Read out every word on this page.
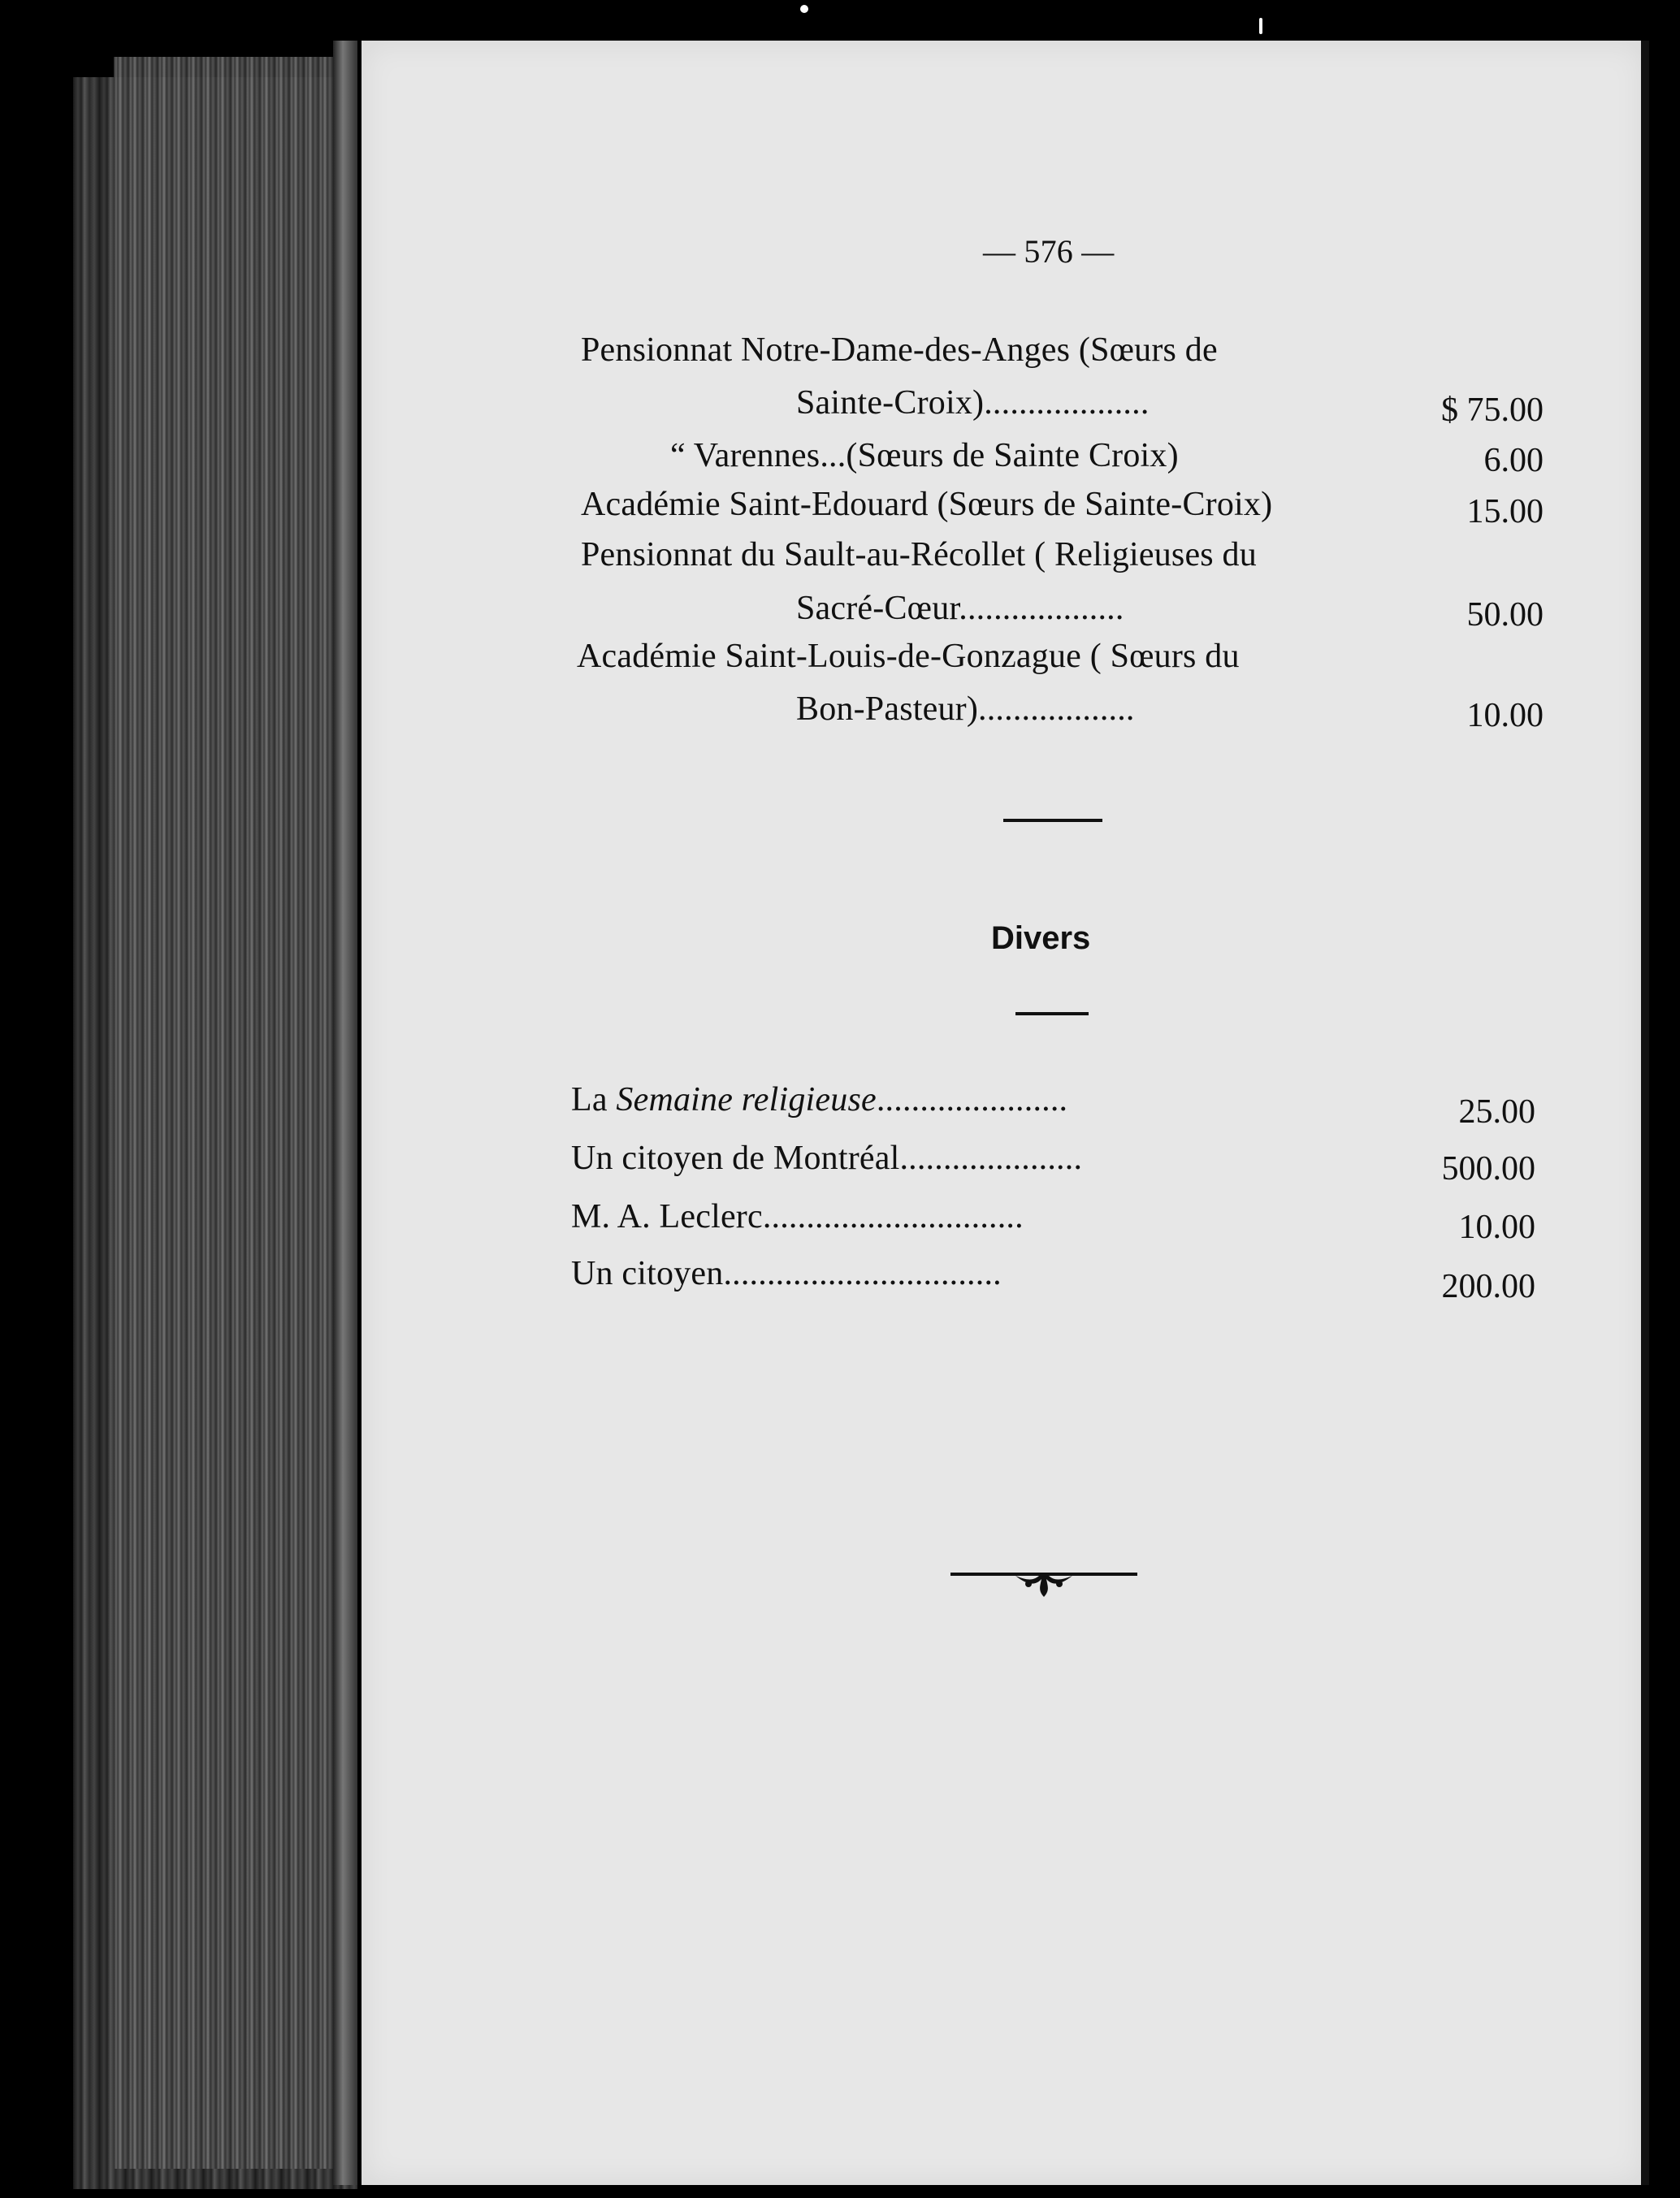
— 576 —
Pensionnat Notre-Dame-des-Anges (Sœurs de
Sainte-Croix)...................	$ 75.00
“ Varennes...(Sœurs de Sainte Croix)	6.00
Académie Saint-Edouard (Sœurs de Sainte-Croix)	15.00
Pensionnat du Sault-au-Récollet ( Religieuses du
Sacré-Cœur...................	50.00
Académie Saint-Louis-de-Gonzague ( Sœurs du
Bon-Pasteur)..................	10.00
Divers
La Semaine religieuse......................	25.00
Un citoyen de Montréal.....................	500.00
M. A. Leclerc..............................	10.00
Un citoyen................................	200.00
